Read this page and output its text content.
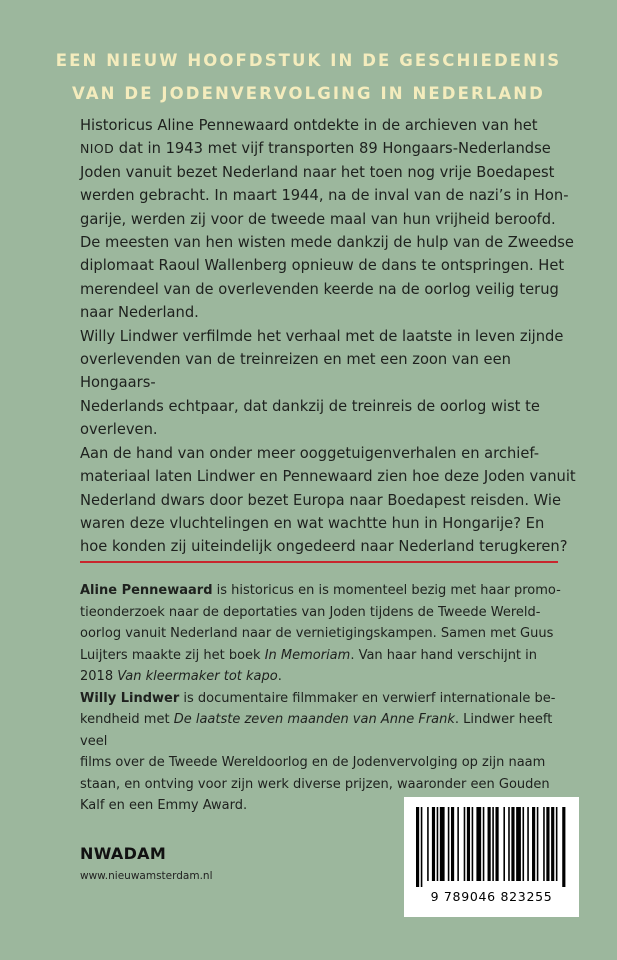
EEN NIEUW HOOFDSTUK IN DE GESCHIEDENIS
VAN DE JODENVERVOLGING IN NEDERLAND

Historicus Aline Pennewaard ontdekte in de archieven van het
NIOD dat in 1943 met vijf transporten 89 Hongaars-Nederlandse
Joden vanuit bezet Nederland naar het toen nog vrije Boedapest
werden gebracht. In maart 1944, na de inval van de nazi’s in Hon-
garije, werden zij voor de tweede maal van hun vrijheid beroofd.
De meesten van hen wisten mede dankzij de hulp van de Zweedse
diplomaat Raoul Wallenberg opnieuw de dans te ontspringen. Het
merendeel van de overlevenden keerde na de oorlog veilig terug
naar Nederland.

Willy Lindwer verfilmde het verhaal met de laatste in leven zijnde
overlevenden van de treinreizen en met een zoon van een Hongaars-
Nederlands echtpaar, dat dankzij de treinreis de oorlog wist te
overleven.

Aan de hand van onder meer ooggetuigenverhalen en archief-
materiaal laten Lindwer en Pennewaard zien hoe deze Joden vanuit
Nederland dwars door bezet Europa naar Boedapest reisden. Wie
waren deze vluchtelingen en wat wachtte hun in Hongarije? En
hoe konden zij uiteindelijk ongedeerd naar Nederland terugkeren?

Aline Pennewaard is historicus en is momenteel bezig met haar promo-
tieonderzoek naar de deportaties van Joden tijdens de Tweede Wereld-
oorlog vanuit Nederland naar de vernietigingskampen. Samen met Guus
Luijters maakte zij het boek In Memoriam. Van haar hand verschijnt in
2018 Van kleermaker tot kapo.

Willy Lindwer is documentaire filmmaker en verwierf internationale be-
kendheid met De laatste zeven maanden van Anne Frank. Lindwer heeft veel
films over de Tweede Wereldoorlog en de Jodenvervolging op zijn naam
staan, en ontving voor zijn werk diverse prijzen, waaronder een Gouden
Kalf en een Emmy Award.

NWADAM
www.nieuwamsterdam.nl
9 789046 823255
